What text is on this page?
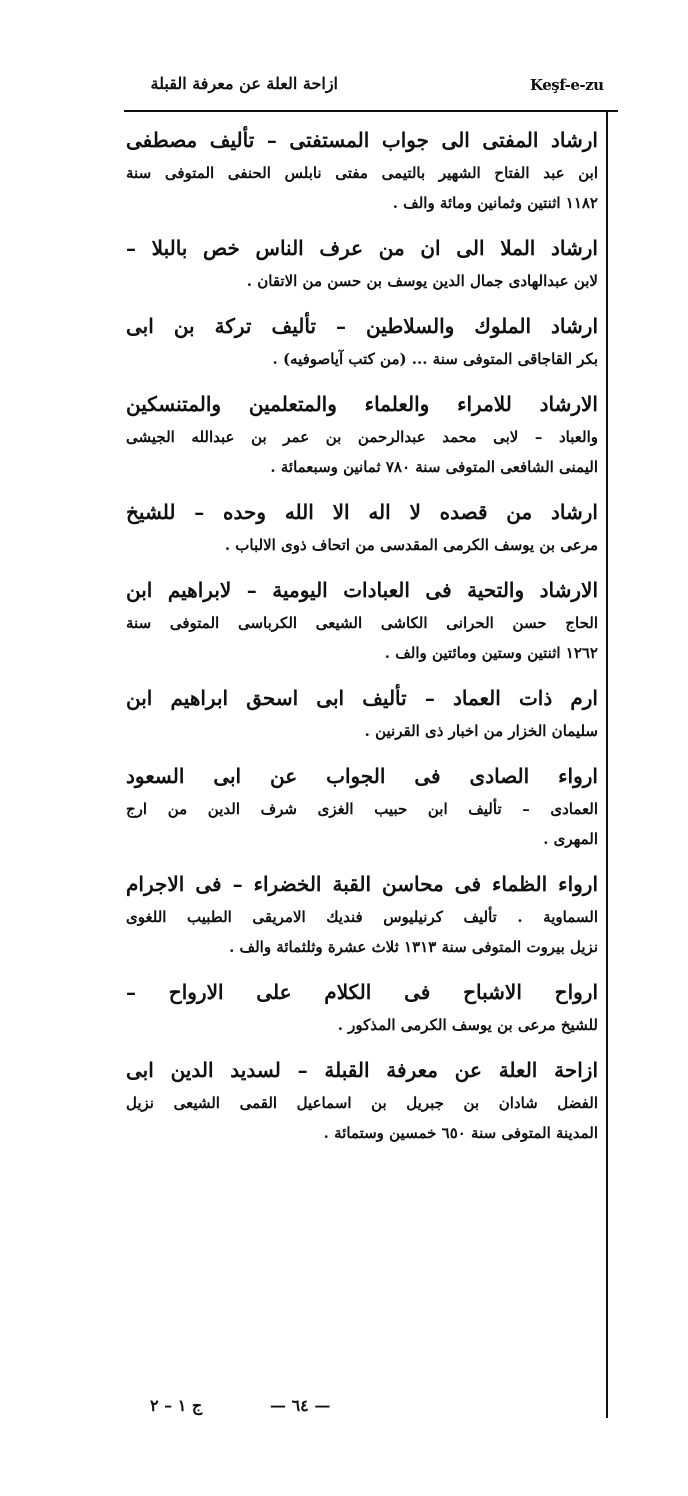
ازاحة العلة عن معرفة القبلة	Keşf-e-zu
ارشاد المفتى الى جواب المستفتى – تأليف مصطفى
ابن عبد الفتاح الشهير بالتيمى مفتى نابلس الحنفى المتوفى سنة
١١٨٢ اثنتين وثمانين ومائة والف .
ارشاد الملا الى ان من عرف الناس خص بالبلا –
لابن عبدالهادى جمال الدين يوسف بن حسن من الاتقان .
ارشاد الملوك والسلاطين – تأليف تركة بن ابى
بكر القاجاقى المتوفى سنة ... (من كتب آياصوفيه) .
الارشاد للامراء والعلماء والمتعلمين والمتنسكين
والعباد – لابى محمد عبدالرحمن بن عمر بن عبدالله الجيشى
اليمنى الشافعى المتوفى سنة ٧٨٠ ثمانين وسبعمائة .
ارشاد من قصده لا اله الا الله وحده – للشيخ
مرعى بن يوسف الكرمى المقدسى من اتحاف ذوى الالباب .
الارشاد والتحية فى العبادات اليومية – لابراهيم ابن
الحاج حسن الحرانى الكاشى الشيعى الكرباسى المتوفى سنة
١٢٦٢ اثنتين وستين ومائتين والف .
ارم ذات العماد – تأليف ابى اسحق ابراهيم ابن
سليمان الخزار من اخبار ذى القرنين .
ارواء الصادى فى الجواب عن ابى السعود
العمادى – تأليف ابن حبيب الغزى شرف الدين من ارج
المهرى .
ارواء الظماء فى محاسن القبة الخضراء – فى الاجرام
السماوية . تأليف كرنيليوس فنديك الامريقى الطبيب اللغوى
نزيل بيروت المتوفى سنة ١٣١٣ ثلاث عشرة وثلثمائة والف .
ارواح الاشباح فى الكلام على الارواح –
للشيخ مرعى بن يوسف الكرمى المذكور .
ازاحة العلة عن معرفة القبلة – لسديد الدين ابى
الفضل شادان بن جبريل بن اسماعيل القمى الشيعى نزيل
المدينة المتوفى سنة ٦٥٠ خمسين وستمائة .
— ٦٤ —
ج ١ – ٢
